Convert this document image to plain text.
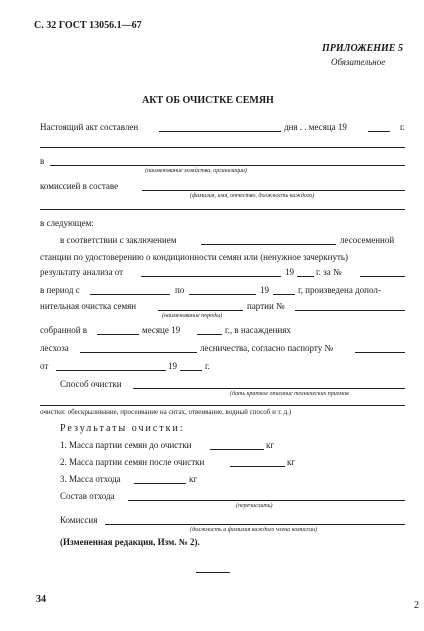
С. 32 ГОСТ 13056.1—67
ПРИЛОЖЕНИЕ 5
Обязательное
АКТ ОБ ОЧИСТКЕ СЕМЯН
Настоящий акт составлен	дня . . месяца 19	г.
в
(наименование хозяйства, организации)
комиссией в составе
(фамилия, имя, отчество, должность каждого)
в следующем:
в соответствии с заключением	лесосеменной
станции по удостоверению о кондиционности семян или (ненужное зачеркнуть)
результату анализа от	19 г. за №
в период с	по	19	г, произведена допол-
нительная очистка семян
(наименование породы)
партии №
собранной в	месяце 19	г., в насаждениях
лесхоза	лесничества, согласно паспорту №
от	19	г.
Способ очистки
(дать краткое описание технических приемов
очистки: обескрыливание, просеивание на ситах, отвеивание, водный способ и т. д.)
Результаты очистки:
1. Масса партии семян до очистки	кг
2. Масса партии семян после очистки	кг
3. Масса отхода	кг
Состав отхода
(перечислить)
Комиссия
(должность и фамилия каждого члена комиссии)
(Измененная редакция, Изм. № 2).
34
2
